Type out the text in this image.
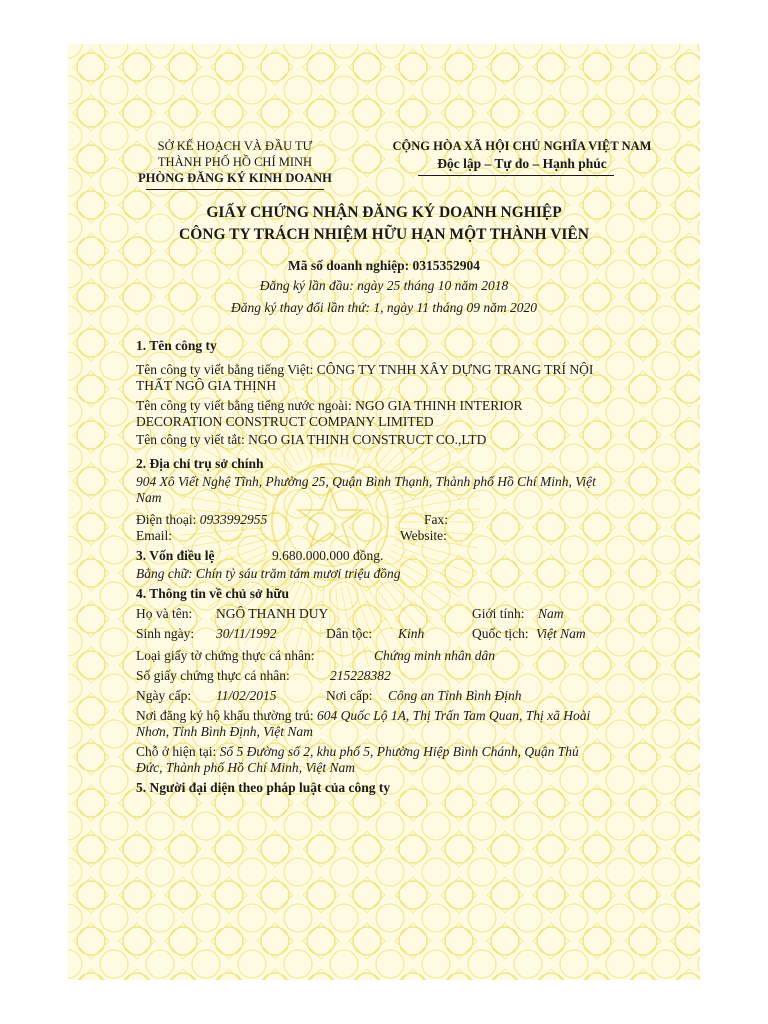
SỞ KẾ HOẠCH VÀ ĐẦU TƯ
THÀNH PHỐ HỒ CHÍ MINH
PHÒNG ĐĂNG KÝ KINH DOANH
CỘNG HÒA XÃ HỘI CHỦ NGHĨA VIỆT NAM
Độc lập – Tự do – Hạnh phúc
GIẤY CHỨNG NHẬN ĐĂNG KÝ DOANH NGHIỆP
CÔNG TY TRÁCH NHIỆM HỮU HẠN MỘT THÀNH VIÊN
Mã số doanh nghiệp: 0315352904
Đăng ký lần đầu: ngày 25 tháng 10 năm 2018
Đăng ký thay đổi lần thứ: 1, ngày 11 tháng 09 năm 2020
1. Tên công ty
Tên công ty viết bằng tiếng Việt: CÔNG TY TNHH XÂY DỰNG TRANG TRÍ NỘI
THẤT NGÔ GIA THỊNH
Tên công ty viết bằng tiếng nước ngoài: NGO GIA THINH INTERIOR
DECORATION CONSTRUCT COMPANY LIMITED
Tên công ty viết tắt: NGO GIA THINH CONSTRUCT CO.,LTD
2. Địa chỉ trụ sở chính
904 Xô Viết Nghệ Tĩnh, Phường 25, Quận Bình Thạnh, Thành phố Hồ Chí Minh, Việt
Nam
Điện thoại: 0933992955	Fax:
Email:	Website:
3. Vốn điều lệ	9.680.000.000 đồng.
Bằng chữ: Chín tỷ sáu trăm tám mươi triệu đồng
4. Thông tin về chủ sở hữu
Họ và tên: NGÔ THANH DUY	Giới tính: Nam
Sinh ngày: 30/11/1992	Dân tộc: Kinh	Quốc tịch: Việt Nam
Loại giấy tờ chứng thực cá nhân:	Chứng minh nhân dân
Số giấy chứng thực cá nhân:	215228382
Ngày cấp: 11/02/2015	Nơi cấp: Công an Tỉnh Bình Định
Nơi đăng ký hộ khẩu thường trú: 604 Quốc Lộ 1A, Thị Trấn Tam Quan, Thị xã Hoài
Nhơn, Tỉnh Bình Định, Việt Nam
Chỗ ở hiện tại: Số 5 Đường số 2, khu phố 5, Phường Hiệp Bình Chánh, Quận Thủ
Đức, Thành phố Hồ Chí Minh, Việt Nam
5. Người đại diện theo pháp luật của công ty
